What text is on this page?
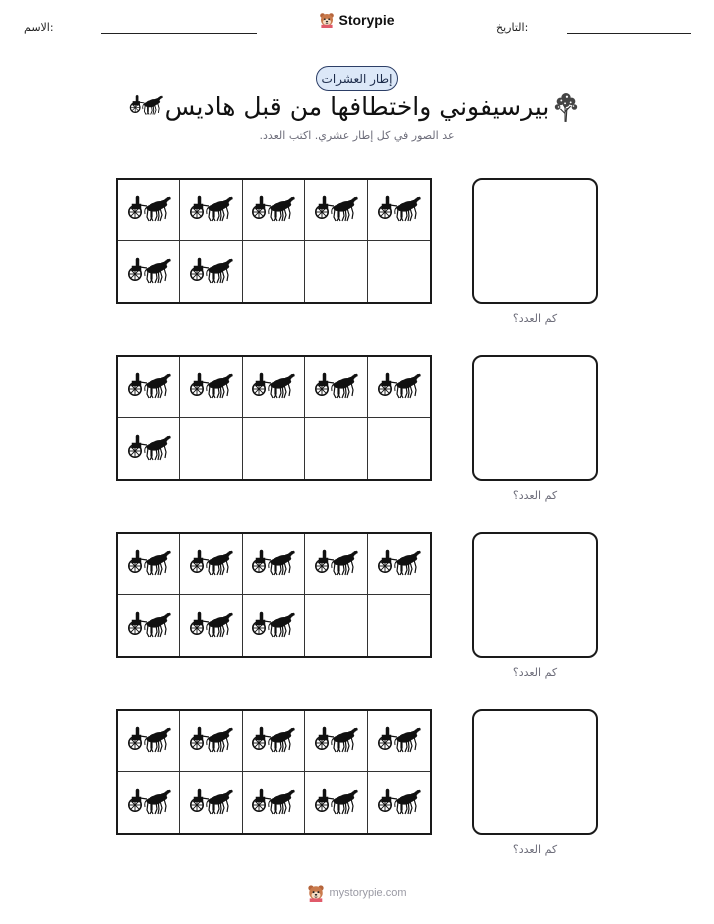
الاسم:	Storypie	التاريخ:
إطار العشرات
بيرسيفوني واختطافها من قبل هاديس
عد الصور في كل إطار عشري. اكتب العدد.
كم العدد؟
كم العدد؟
كم العدد؟
كم العدد؟
mystorypie.com
